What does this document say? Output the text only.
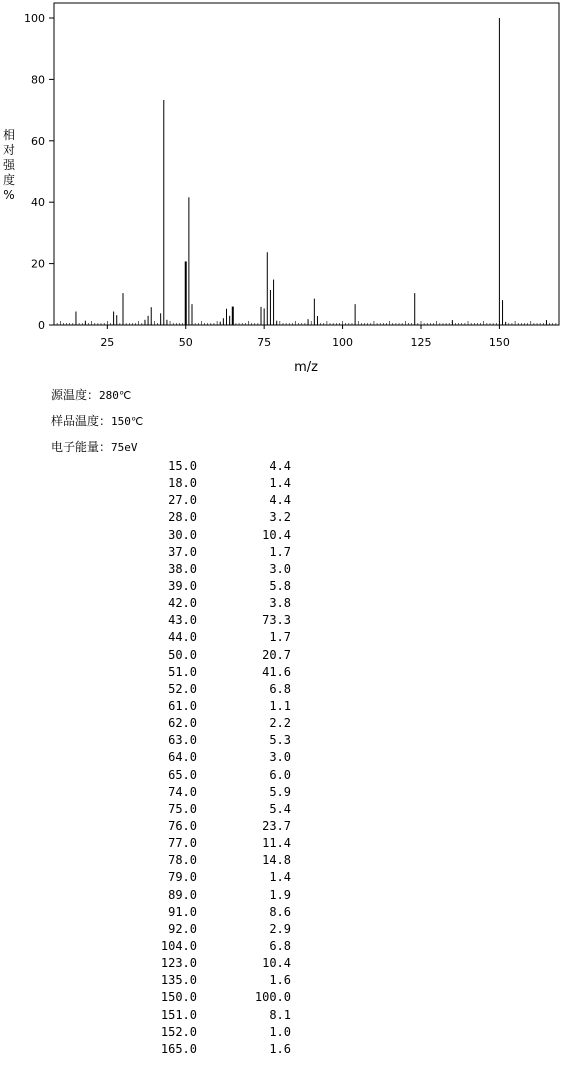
0
20
40
60
80
100
25	50	75	100	125	150
m/z
相
对
强
度
%
源温度：280℃
样品温度：150℃
电子能量：75eV
15.0	4.4
18.0	1.4
27.0	4.4
28.0	3.2
30.0	10.4
37.0	1.7
38.0	3.0
39.0	5.8
42.0	3.8
43.0	73.3
44.0	1.7
50.0	20.7
51.0	41.6
52.0	6.8
61.0	1.1
62.0	2.2
63.0	5.3
64.0	3.0
65.0	6.0
74.0	5.9
75.0	5.4
76.0	23.7
77.0	11.4
78.0	14.8
79.0	1.4
89.0	1.9
91.0	8.6
92.0	2.9
104.0	6.8
123.0	10.4
135.0	1.6
150.0	100.0
151.0	8.1
152.0	1.0
165.0	1.6
